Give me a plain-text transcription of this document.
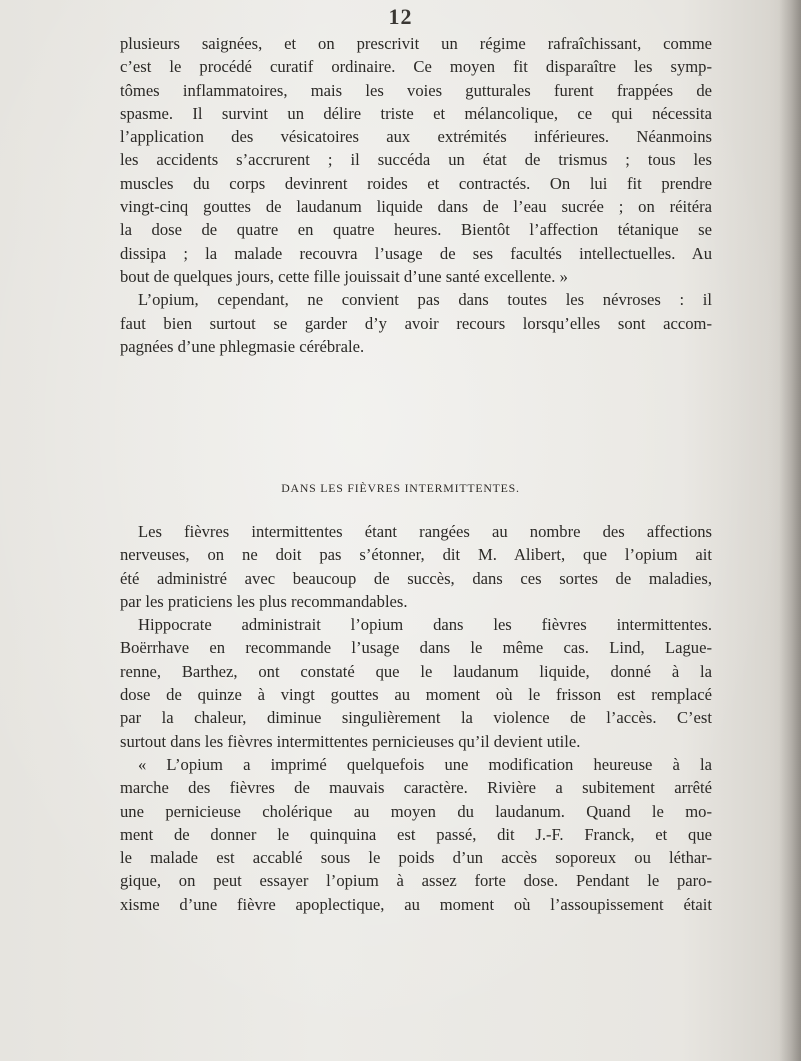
12
plusieurs saignées, et on prescrivit un régime rafraîchissant, comme
c’est le procédé curatif ordinaire. Ce moyen fit disparaître les symp-
tômes inflammatoires, mais les voies gutturales furent frappées de
spasme. Il survint un délire triste et mélancolique, ce qui nécessita
l’application des vésicatoires aux extrémités inférieures. Néanmoins
les accidents s’accrurent ; il succéda un état de trismus ; tous les
muscles du corps devinrent roides et contractés. On lui fit prendre
vingt-cinq gouttes de laudanum liquide dans de l’eau sucrée ; on réitéra
la dose de quatre en quatre heures. Bientôt l’affection tétanique se
dissipa ; la malade recouvra l’usage de ses facultés intellectuelles. Au
bout de quelques jours, cette fille jouissait d’une santé excellente. »
L’opium, cependant, ne convient pas dans toutes les névroses : il
faut bien surtout se garder d’y avoir recours lorsqu’elles sont accom-
pagnées d’une phlegmasie cérébrale.
DANS LES FIÈVRES INTERMITTENTES.
Les fièvres intermittentes étant rangées au nombre des affections
nerveuses, on ne doit pas s’étonner, dit M. Alibert, que l’opium ait
été administré avec beaucoup de succès, dans ces sortes de maladies,
par les praticiens les plus recommandables.
Hippocrate administrait l’opium dans les fièvres intermittentes.
Boërrhave en recommande l’usage dans le même cas. Lind, Lague-
renne, Barthez, ont constaté que le laudanum liquide, donné à la
dose de quinze à vingt gouttes au moment où le frisson est remplacé
par la chaleur, diminue singulièrement la violence de l’accès. C’est
surtout dans les fièvres intermittentes pernicieuses qu’il devient utile.
« L’opium a imprimé quelquefois une modification heureuse à la
marche des fièvres de mauvais caractère. Rivière a subitement arrêté
une pernicieuse cholérique au moyen du laudanum. Quand le mo-
ment de donner le quinquina est passé, dit J.-F. Franck, et que
le malade est accablé sous le poids d’un accès soporeux ou léthar-
gique, on peut essayer l’opium à assez forte dose. Pendant le paro-
xisme d’une fièvre apoplectique, au moment où l’assoupissement était
